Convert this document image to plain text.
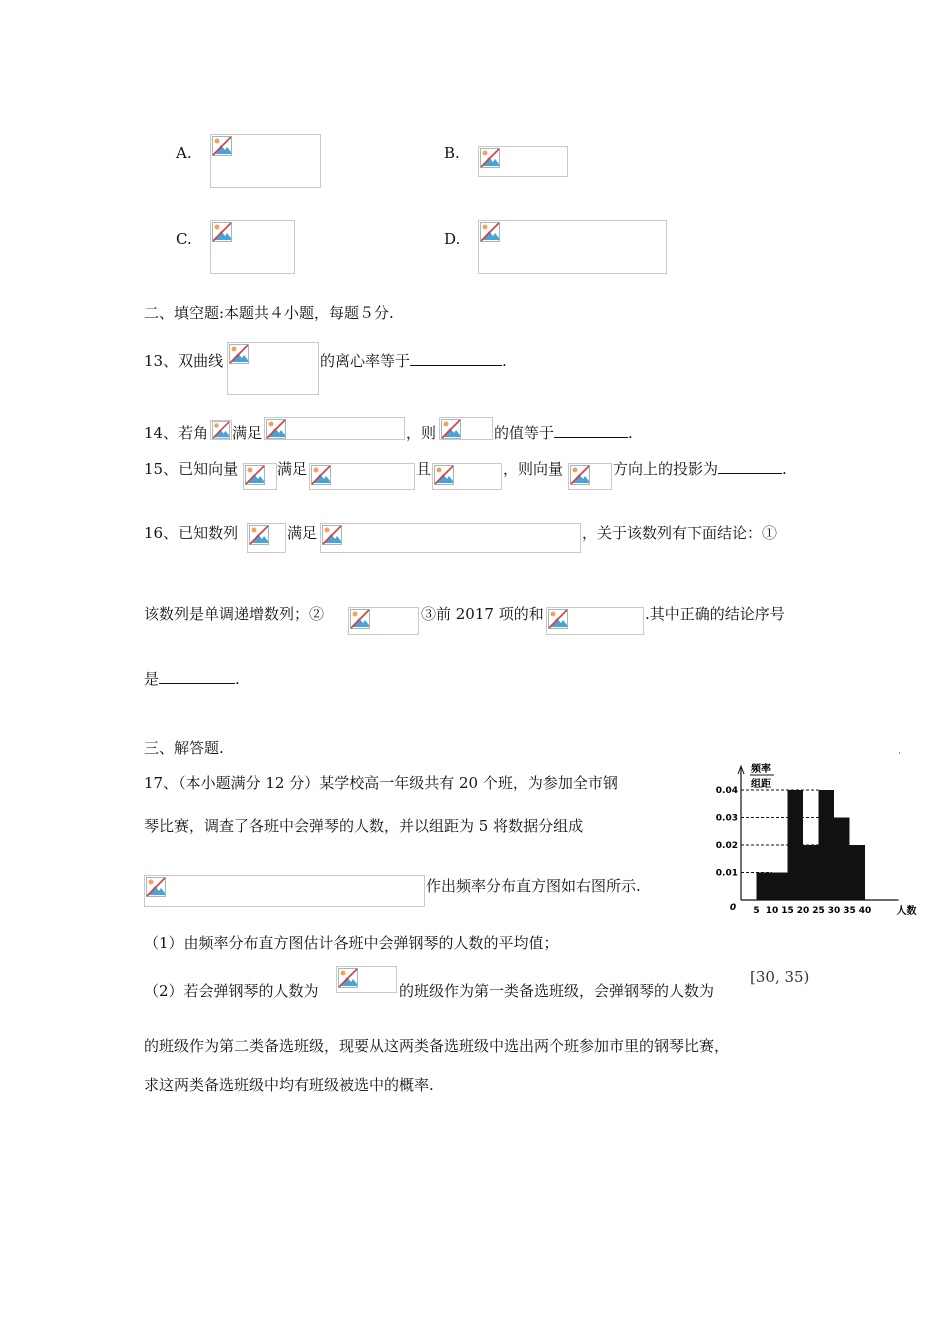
A.	B.
C.	D.
二、填空题:本题共４小题，每题５分.
13、双曲线	的离心率等于	.
14、若角 满足	，则	的值等于	.
15、已知向量	满足	且	，则向量	方向上的投影为	.
16、已知数列	满足	，关于该数列有下面结论：①
该数列是单调递增数列；②	③前 2017 项的和	.其中正确的结论序号
是	.
三、解答题.
17、（本小题满分 12 分）某学校高一年级共有 20 个班，为参加全市钢
琴比赛，调查了各班中会弹琴的人数，并以组距为 5 将数据分组成
作出频率分布直方图如右图所示.
（1）由频率分布直方图估计各班中会弹钢琴的人数的平均值；
（2）若会弹钢琴的人数为	的班级作为第一类备选班级，会弹钢琴的人数为
[30, 35)
的班级作为第二类备选班级，现要从这两类备选班级中选出两个班参加市里的钢琴比赛，
求这两类备选班级中均有班级被选中的概率.
0.01
0.02
0.03
0.04
5 10 15 20 25 30 35 40
0	人数
频率
组距
˙
